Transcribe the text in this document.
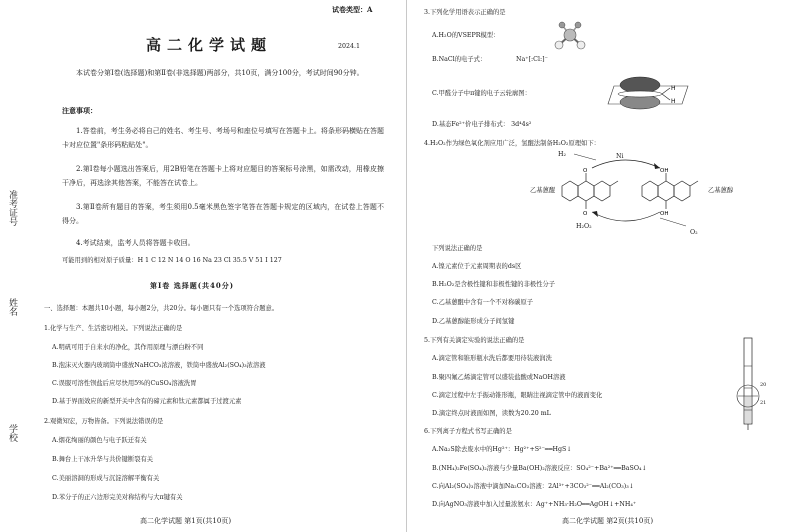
准考证号
姓名
学校
试卷类型：A
高二化学试题	2024.1
本试卷分第Ⅰ卷(选择题)和第Ⅱ卷(非选择题)两部分，共10页，满分100分，考试时间90分钟。
注意事项：
1.答卷前，考生务必将自己的姓名、考生号、考场号和座位号填写在答题卡上。将条形码横贴在答题卡对应位置"条形码粘贴处"。
2.第Ⅰ卷每小题选出答案后，用2B铅笔在答题卡上将对应题目的答案标号涂黑，如需改动，用橡皮擦干净后，再选涂其他答案，不能答在试卷上。
3.第Ⅱ卷所有题目的答案，考生须用0.5毫米黑色签字笔答在答题卡规定的区域内，在试卷上答题不得分。
4.考试结束，监考人员将答题卡收回。
可能用到的相对原子质量：H 1 C 12 N 14 O 16 Na 23 Cl 35.5 V 51 I 127
第Ⅰ卷 选择题(共40分)
一、选择题：本题共10小题，每小题2分，共20分。每小题只有一个选项符合题意。
1.化学与生产、生活密切相关。下列说法正确的是
A.明矾可用于自来水的净化，其作用原理与漂白粉不同
B.泡沫灭火器内玻璃筒中盛放NaHCO₃浓溶液，铁筒中盛放Al₂(SO₄)₃浓溶液
C.误服可溶性钡盐后应尽快用5%的CuSO₄溶液洗胃
D.基于界面效应的新型开关中含有的碲元素和钛元素都属于过渡元素
2.观微知宏，万物皆备。下列说法错误的是
A.烟花绚丽的颜色与电子跃迁有关
B.舞台上干冰升华与共价键断裂有关
C.美丽溶洞的形成与沉淀溶解平衡有关
D.苯分子的正六边形完美对称结构与大π键有关
高二化学试题 第1页(共10页)
3.下列化学用语表示正确的是
A.H₂O的VSEPR模型：
B.NaCl的电子式：	Na⁺[:Cl:]⁻
C.甲醛分子中π键的电子云轮廓图：
H
H
D.基态Fe²⁺价电子排布式： 3d⁴4s²
4.H₂O₂作为绿色氧化剂应用广泛，氢醌法制备H₂O₂原理如下：
O
O
OH
OH
H₂	Ni
乙基蒽醌	乙基蒽醇
H₂O₂
O₂
下列说法正确的是
A.镍元素位于元素周期表的ds区
B.H₂O₂是含极性键和非极性键的非极性分子
C.乙基蒽醌中含有一个不对称碳原子
D.乙基蒽醇能形成分子间氢键
5.下列有关滴定实验的说法正确的是
A.滴定管和锥形瓶水洗后都要用待装液润洗
B.聚四氟乙烯滴定管可以盛装盐酸或NaOH溶液
C.滴定过程中左手振动锥形瓶，眼睛注视滴定管中的液面变化
D.滴定终点时液面如图，读数为20.20 mL
20
21
6.下列离子方程式书写正确的是
A.Na₂S除去废水中的Hg²⁺：Hg²⁺+S²⁻══HgS↓
B.(NH₄)₂Fe(SO₄)₂溶液与少量Ba(OH)₂溶液反应：SO₄²⁻+Ba²⁺══BaSO₄↓
C.向Al₂(SO₄)₃溶液中滴加Na₂CO₃溶液：2Al³⁺+3CO₃²⁻══Al₂(CO₃)₃↓
D.向AgNO₃溶液中加入过量浓氨水：Ag⁺+NH₃·H₂O══AgOH↓+NH₄⁺
高二化学试题 第2页(共10页)
